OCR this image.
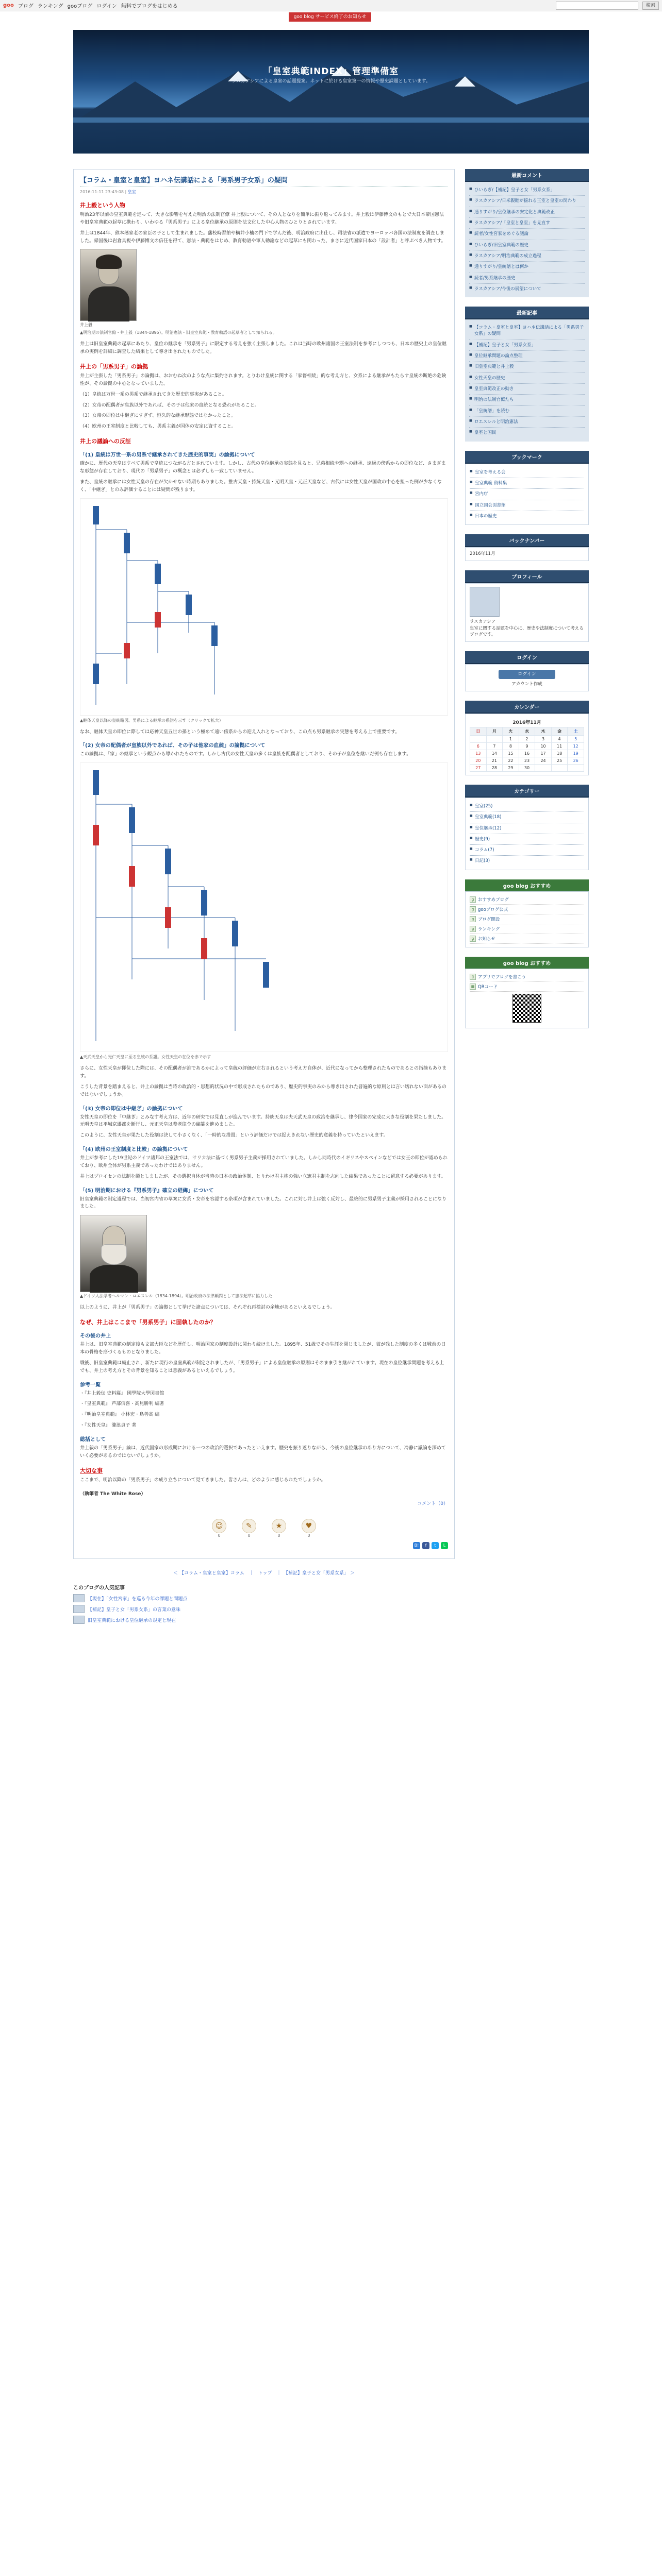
goo ブログ ランキング gooブログ ログイン 無料でブログをはじめる	検索
goo blog サービス終了のお知らせ
「皇室典範INDEX」管理準備室
ラスカアシアによる皇室の話題提案。ネットに於ける皇室第一の情報や歴史課題としています。
【コラム・皇室と皇室】ヨハネ伝講話による「男系男子女系」の疑問
2016-11-11 23:43:08 | 皇室
井上毅という人物

明治23年以前の皇室典範を巡って、大きな影響を与えた明治の法制官僚 井上毅について、その人となりを簡単に振り返ってみます。井上毅は伊藤博文のもとで大日本帝国憲法や旧皇室典範の起草に携わり、いわゆる『男系男子』による皇位継承の原則を法文化した中心人物のひとりとされています。

井上は1844年、熊本藩家老の家臣の子として生まれました。藩校時習館や横井小楠の門下で学んだ後、明治政府に出仕し、司法省の派遣でヨーロッパ各国の法制度を調査しました。帰国後は岩倉具視や伊藤博文の信任を得て、憲法・典範をはじめ、教育勅語や軍人勅諭などの起草にも関わった、まさに近代国家日本の「設計者」と呼ぶべき人物です。

井上毅
▲明治期の法制官僚・井上毅（1844-1895）。明治憲法・旧皇室典範・教育勅語の起草者として知られる。

井上は旧皇室典範の起草にあたり、皇位の継承を「男系男子」に限定する考えを強く主張しました。これは当時の欧州諸国の王室法制を参考にしつつも、日本の歴史上の皇位継承の実例を詳細に調査した結果として導き出されたものでした。

井上の「男系男子」の論拠

井上が主張した「男系男子」の論拠は、おおむね次のような点に集約されます。とりわけ皇統に関する「家督相続」的な考え方と、女系による継承がもたらす皇統の断絶の危険性が、その論拠の中心となっていました。

（1）皇統は万世一系の男系で継承されてきた歴史的事実があること。

（2）女帝の配偶者が皇族以外であれば、その子は他家の血統となる恐れがあること。

（3）女帝の即位は中継ぎにすぎず、恒久的な継承形態ではなかったこと。

（4）欧州の王室制度と比較しても、男系主義が国体の安定に資すること。

井上の議論への反証
「(1) 皇統は万世一系の男系で継承されてきた歴史的事実」の論拠について

確かに、歴代の天皇はすべて男系で皇統につながる方とされています。しかし、古代の皇位継承の実態を見ると、兄弟相続や甥への継承、遠縁の傍系からの即位など、さまざまな形態が存在しており、現代の「男系男子」の概念とは必ずしも一致していません。

また、皇統の継承には女性天皇の存在が欠かせない時期もありました。推古天皇・持統天皇・元明天皇・元正天皇など、古代には女性天皇が国政の中心を担った例が少なくなく、「中継ぎ」とのみ評価することには疑問が残ります。

▲継体天皇以降の皇統略図。男系による継承の系譜を示す（クリックで拡大）

なお、継体天皇の即位に際しては応神天皇五世の孫という極めて遠い傍系からの迎え入れとなっており、この点も男系継承の実態を考える上で重要です。

「(2) 女帝の配偶者が皇族以外であれば、その子は他家の血統」の論拠について

この論拠は、「家」の継承という観点から導かれたものです。しかし古代の女性天皇の多くは皇族を配偶者としており、その子が皇位を継いだ例も存在します。

▲天武天皇から光仁天皇に至る皇統の系譜。女性天皇の在位を赤で示す

さらに、女性天皇が即位した際には、その配偶者が誰であるかによって皇統の評価が左右されるという考え方自体が、近代になってから整理されたものであるとの指摘もあります。

こうした背景を踏まえると、井上の論拠は当時の政治的・思想的状況の中で形成されたものであり、歴史的事実のみから導き出された普遍的な原則とは言い切れない面があるのではないでしょうか。

「(3) 女帝の即位は中継ぎ」の論拠について

女性天皇の即位を「中継ぎ」とみなす考え方は、近年の研究では見直しが進んでいます。持統天皇は夫天武天皇の政治を継承し、律令国家の完成に大きな役割を果たしました。元明天皇は平城京遷都を断行し、元正天皇は養老律令の編纂を進めました。

このように、女性天皇が果たした役割は決して小さくなく、「一時的な措置」という評価だけでは捉えきれない歴史的意義を持っていたといえます。

「(4) 欧州の王室制度と比較」の論拠について

井上が参考にした19世紀のドイツ諸邦の王室法では、サリカ法に基づく男系男子主義が採用されていました。しかし同時代のイギリスやスペインなどでは女王の即位が認められており、欧州全体が男系主義であったわけではありません。

井上はプロイセンの法制を範としましたが、その選択自体が当時の日本の政治体制、とりわけ君主権の強い立憲君主制を志向した結果であったことに留意する必要があります。

「(5) 明治期における『男系男子』確立の経緯」について

旧皇室典範の制定過程では、当初宮内省の草案に女系・女帝を容認する条項が含まれていました。これに対し井上は強く反対し、最終的に男系男子主義が採用されることになりました。

▲ドイツ人法学者ヘルマン・ロエスレル（1834-1894）。明治政府の法律顧問として憲法起草に協力した

以上のように、井上が「男系男子」の論拠として挙げた諸点については、それぞれ再検討の余地があるといえるでしょう。

なぜ、井上はここまで「男系男子」に固執したのか？
その後の井上

井上は、旧皇室典範の制定後も文部大臣などを歴任し、明治国家の制度設計に関わり続けました。1895年、51歳でその生涯を閉じましたが、彼が残した制度の多くは戦前の日本の骨格を形づくるものとなりました。

戦後、旧皇室典範は廃止され、新たに現行の皇室典範が制定されましたが、「男系男子」による皇位継承の原則はそのまま引き継がれています。現在の皇位継承問題を考える上でも、井上の考え方とその背景を知ることは意義があるといえるでしょう。

参考一覧

・『井上毅伝 史料篇』 國學院大學図書館

・『皇室典範』 芦部信喜・高見勝利 編著

・『明治皇室典範』 小林宏・島善高 編

・『女性天皇』 瀧浪貞子 著

総括として

井上毅の「男系男子」論は、近代国家の形成期における一つの政治的選択であったといえます。歴史を振り返りながら、今後の皇位継承のあり方について、冷静に議論を深めていく必要があるのではないでしょうか。

大切な事

ここまで、明治以降の「男系男子」の成り立ちについて見てきました。皆さんは、どのように感じられたでしょうか。

（執筆者 The White Rose）
コメント（0）
☺
0
✎
0
★
0
♥
0
B!	f	t	L
＜ 【コラム・皇室と皇室】コラム　｜　トップ　｜　【補記】皇子と女「男系女系」 ＞
このブログの人気記事
【現在】「女性宮家」を巡る今年の課題と問題点
【補記】皇子と女「男系女系」の言葉の意味
旧皇室典範における皇位継承の規定と現在
最新コメント
■ ひいらぎ/【補記】皇子と女「男系女系」
■ ラスカアシア/日米親睦が揺れる王室と皇室の関わり
■ 通りすがり/皇位継承の安定化と典範改正
■ ラスカアシア/「皇室と皇室」を見直す
■ 読者/女性宮家をめぐる議論
■ ひいらぎ/旧皇室典範の歴史
■ ラスカアシア/明治典範の成立過程
■ 通りすがり/皇統譜とは何か
■ 読者/男系継承の歴史
■ ラスカアシア/今後の展望について
最新記事
■ 【コラム・皇室と皇室】ヨハネ伝講話による「男系男子女系」の疑問
■ 【補記】皇子と女「男系女系」
■ 皇位継承問題の論点整理
■ 旧皇室典範と井上毅
■ 女性天皇の歴史
■ 皇室典範改正の動き
■ 明治の法制官僚たち
■ 「皇統譜」を読む
■ ロエスレルと明治憲法
■ 皇室と国民
ブックマーク
■ 皇室を考える会
■ 皇室典範 資料集
■ 宮内庁
■ 国立国会図書館
■ 日本の歴史
バックナンバー
2016年11月
プロフィール
ラスカアシア
皇室に関する話題を中心に、歴史や法制度について考えるブログです。
ログイン
ログイン
アカウント作成
カレンダー
2016年11月
日	月	火	水	木	金	土
		1	2	3	4	5
6	7	8	9	10	11	12
13	14	15	16	17	18	19
20	21	22	23	24	25	26
27	28	29	30			
カテゴリー
■ 皇室(25)
■ 皇室典範(18)
■ 皇位継承(12)
■ 歴史(9)
■ コラム(7)
■ 日記(3)
goo blog おすすめ
g おすすめブログ
g gooブログ公式
g ブログ開設
g ランキング
g お知らせ
goo blog おすすめ
▯ アプリでブログを書こう
▦ QRコード
